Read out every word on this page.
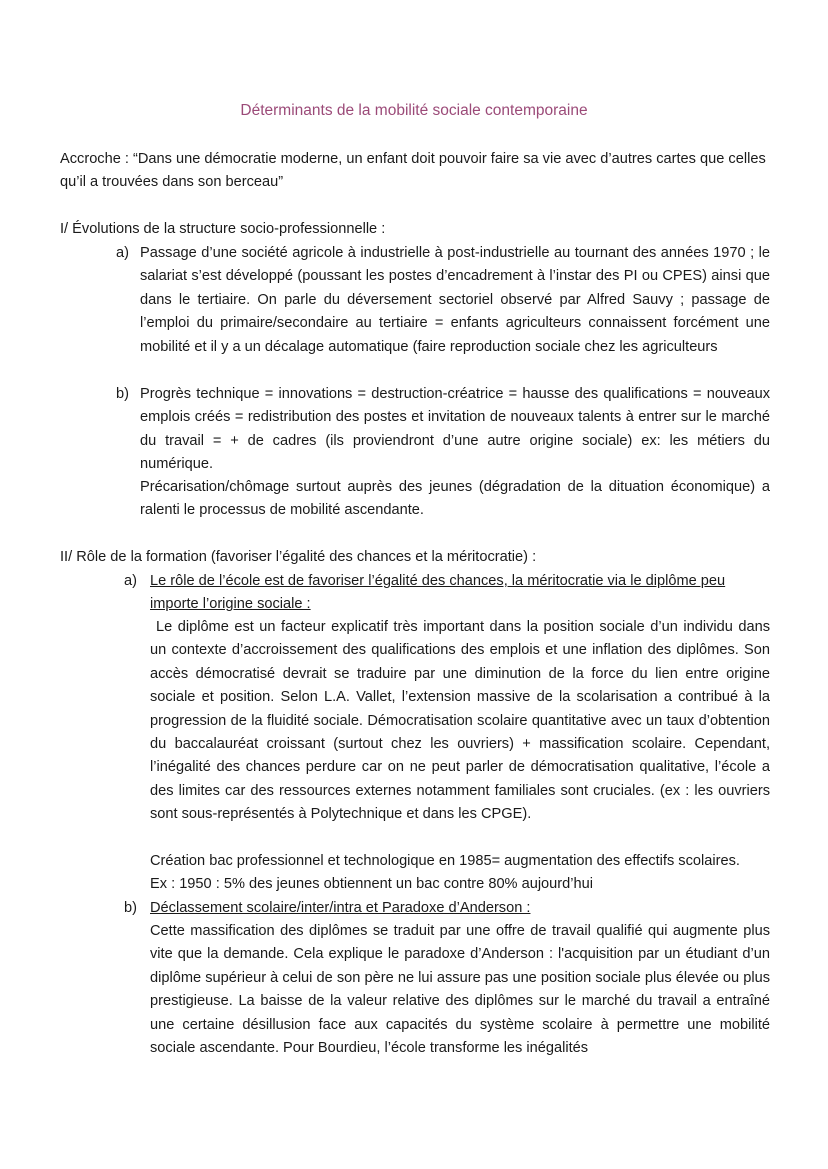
Déterminants de la mobilité sociale contemporaine
Accroche : “Dans une démocratie moderne, un enfant doit pouvoir faire sa vie avec d’autres cartes que celles qu’il a trouvées dans son berceau”
I/ Évolutions de la structure socio-professionnelle :
a) Passage d’une société agricole à industrielle à post-industrielle au tournant des années 1970 ; le salariat s’est développé (poussant les postes d’encadrement à l’instar des PI ou CPES) ainsi que dans le tertiaire. On parle du déversement sectoriel observé par Alfred Sauvy ; passage de l’emploi du primaire/secondaire au tertiaire = enfants agriculteurs connaissent forcément une mobilité et il y a un décalage automatique (faire reproduction sociale chez les agriculteurs
b) Progrès technique = innovations = destruction-créatrice = hausse des qualifications = nouveaux emplois créés = redistribution des postes et invitation de nouveaux talents à entrer sur le marché du travail = + de cadres (ils proviendront d’une autre origine sociale) ex: les métiers du numérique.
Précarisation/chômage surtout auprès des jeunes (dégradation de la dituation économique) a ralenti le processus de mobilité ascendante.
II/ Rôle de la formation (favoriser l’égalité des chances et la méritocratie) :
a) Le rôle de l’école est de favoriser l’égalité des chances, la méritocratie via le diplôme peu importe l’origine sociale :
Le diplôme est un facteur explicatif très important dans la position sociale d’un individu dans un contexte d’accroissement des qualifications des emplois et une inflation des diplômes. Son accès démocratisé devrait se traduire par une diminution de la force du lien entre origine sociale et position. Selon L.A. Vallet, l’extension massive de la scolarisation a contribué à la progression de la fluidité sociale. Démocratisation scolaire quantitative avec un taux d’obtention du baccalauréat croissant (surtout chez les ouvriers) + massification scolaire. Cependant, l’inégalité des chances perdure car on ne peut parler de démocratisation qualitative, l’école a des limites car des ressources externes notamment familiales sont cruciales. (ex : les ouvriers sont sous-représentés à Polytechnique et dans les CPGE).
Création bac professionnel et technologique en 1985= augmentation des effectifs scolaires.
Ex : 1950 : 5% des jeunes obtiennent un bac contre 80% aujourd’hui
b) Déclassement scolaire/inter/intra et Paradoxe d’Anderson :
Cette massification des diplômes se traduit par une offre de travail qualifié qui augmente plus vite que la demande. Cela explique le paradoxe d’Anderson : l'acquisition par un étudiant d’un diplôme supérieur à celui de son père ne lui assure pas une position sociale plus élevée ou plus prestigieuse. La baisse de la valeur relative des diplômes sur le marché du travail a entraîné une certaine désillusion face aux capacités du système scolaire à permettre une mobilité sociale ascendante. Pour Bourdieu, l’école transforme les inégalités
